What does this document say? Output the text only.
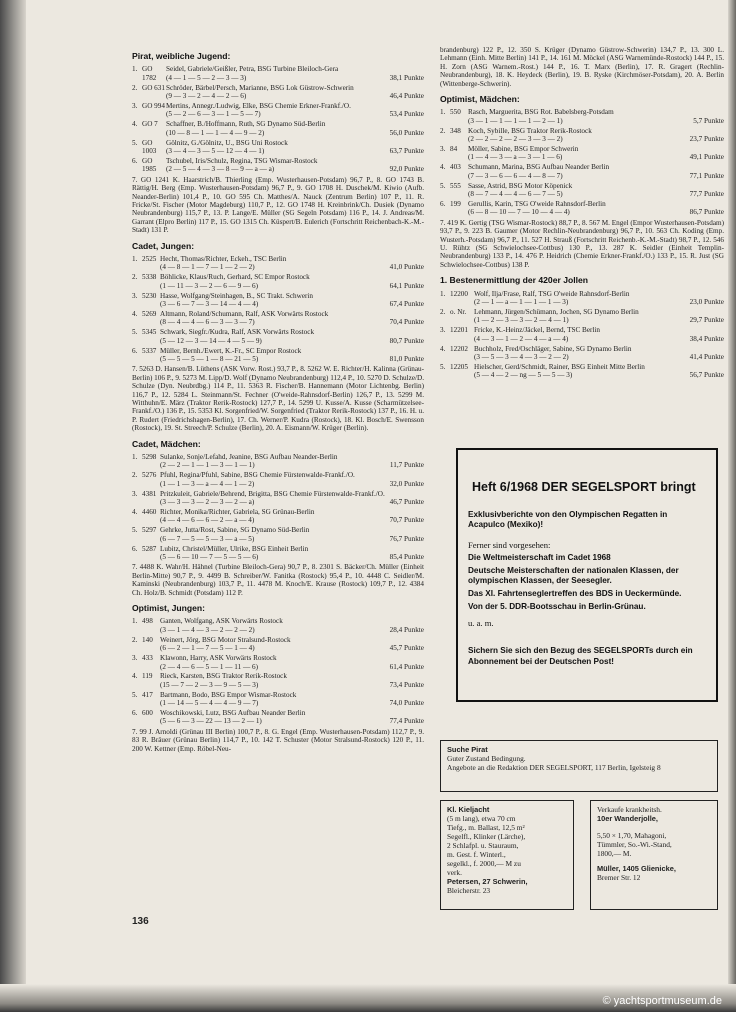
Pirat, weibliche Jugend:
1. GO 1782
Seidel, Gabriele/Geißler, Petra, BSG Turbine Bleiloch-Gera
(4 — 1 — 5 — 2 — 3 — 3)	38,1 Punkte
2. GO 631 Schröder, Bärbel/Persch, Marianne, BSG Lok Güstrow-Schwerin
(9 — 3 — 2 — 4 — 2 — 6)	46,4 Punkte
3. GO 994 Mertins, Annegr./Ludwig, Elke, BSG Chemie Erkner-Frankf./O.
(5 — 2 — 6 — 3 — 1 — 5 — 7)	53,4 Punkte
4. GO 7	Schaffner, B./Hoffmann, Ruth, SG Dynamo Süd-Berlin
(10 — 8 — 1 — 1 — 4 — 9 — 2)	56,0 Punkte
5. GO 1003
Gölnitz, G./Gölnitz, U., BSG Uni Rostock
(3 — 4 — 3 — 5 — 12 — 4 — 1)	63,7 Punkte
6. GO 1985
Tschubel, Iris/Schulz, Regina, TSG Wismar-Rostock
(2 — 5 — 4 — 3 — 8 — 9 — a — a)	92,0 Punkte
7. GO 1241 K. Haarstrich/B. Thierling (Emp. Wusterhausen-Potsdam) 96,7 P., 8. GO 1743 B. Rättig/H. Berg (Emp. Wusterhausen-Potsdam) 96,7 P., 9. GO 1708 H. Duschek/M. Kiwio (Aufb. Neander-Berlin) 101,4 P., 10. GO 595 Ch. Matthes/A. Nauck (Zentrum Berlin) 107 P., 11. R. Fricke/St. Fischer (Motor Magdeburg) 110,7 P., 12. GO 1748 H. Kreinbrink/Ch. Dusiek (Dynamo Neubrandenburg) 115,7 P., 13. P. Lange/E. Müller (SG Segeln Potsdam) 116 P., 14. J. Andreas/M. Garrant (Elpro Berlin) 117 P., 15. GO 1315 Ch. Küspert/B. Eulerich (Fortschritt Reichenbach-K.-M.-Stadt) 131 P.
Cadet, Jungen:
1. 2525 Hecht, Thomas/Richter, Eckeh., TSC Berlin
(4 — 8 — 1 — 7 — 1 — 2 — 2)	41,0 Punkte
2. 5338 Böhlicke, Klaus/Ruch, Gerhard, SC Empor Rostock
(1 — 11 — 3 — 2 — 6 — 9 — 6)	64,1 Punkte
3. 5230 Hasse, Wolfgang/Steinhagen, B., SC Trakt. Schwerin
(3 — 6 — 7 — 3 — 14 — 4 — 4)	67,4 Punkte
4. 5269 Altmann, Roland/Schumann, Ralf, ASK Vorwärts Rostock
(8 — 4 — 4 — 6 — 3 — 3 — 7)	70,4 Punkte
5. 5345 Schwark, Siegfr./Kudra, Ralf, ASK Vorwärts Rostock
(5 — 12 — 3 — 14 — 4 — 5 — 9)	80,7 Punkte
6. 5337 Müller, Bernh./Ewert, K.-Fr., SC Empor Rostock
(5 — 5 — 5 — 1 — 8 — 21 — 5)	81,0 Punkte
7. 5263 D. Hansen/B. Lüthens (ASK Vorw. Rost.) 93,7 P., 8. 5262 W. E. Richter/H. Kalinna (Grünau-Berlin) 106 P., 9. 5273 M. Lipp/D. Wolf (Dynamo Neubrandenburg) 112,4 P., 10. 5270 D. Schulze/D. Schulze (Dyn. Neubrdbg.) 114 P., 11. 5363 R. Fischer/B. Hannemann (Motor Lichtenbg. Berlin) 116,7 P., 12. 5284 L. Steinmann/St. Fechner (O'weide-Rahnsdorf-Berlin) 126,7 P., 13. 5299 M. Witthuhn/E. März (Traktor Rerik-Rostock) 127,7 P., 14. 5299 U. Kusse/A. Kusse (Scharmützelsee-Frankf./O.) 136 P., 15. 5353 Kl. Sorgenfried/W. Sorgenfried (Traktor Rerik-Rostock) 137 P., 16. H. u. P. Rudert (Friedrichshagen-Berlin), 17. Ch. Werner/P. Kudra (Rostock), 18. Kl. Bosch/E. Swensson (Rostock), 19. St. Streech/P. Schulze (Berlin), 20. A. Eismann/W. Krüger (Berlin).
Cadet, Mädchen:
1. 5298 Sulanke, Sonje/Lefahd, Jeanine, BSG Aufbau Neander-Berlin
(2 — 2 — 1 — 1 — 3 — 1 — 1)	11,7 Punkte
2. 5276 Pfuhl, Regina/Pfuhl, Sabine, BSG Chemie Fürstenwalde-Frankf./O.
(1 — 1 — 3 — a — 4 — 1 — 2)	32,0 Punkte
3. 4381 Pritzkuleit, Gabriele/Behrend, Brigitta, BSG Chemie Fürstenwalde-Frankf./O.
(3 — 3 — 3 — 2 — 3 — 2 — a)	46,7 Punkte
4. 4460 Richter, Monika/Richter, Gabriela, SG Grünau-Berlin
(4 — 4 — 6 — 6 — 2 — a — 4)	70,7 Punkte
5. 5297 Gehrke, Jutta/Rost, Sabine, SG Dynamo Süd-Berlin
(6 — 7 — 5 — 5 — 3 — a — 5)	76,7 Punkte
6. 5287 Lubitz, Christel/Müller, Ulrike, BSG Einheit Berlin
(5 — 6 — 10 — 7 — 5 — 5 — 6)	85,4 Punkte
7. 4488 K. Wahr/H. Hähnel (Turbine Bleiloch-Gera) 90,7 P., 8. 2301 S. Bäcker/Ch. Müller (Einheit Berlin-Mitte) 90,7 P., 9. 4499 B. Schreiber/W. Fanitka (Rostock) 95,4 P., 10. 4448 C. Seidler/M. Kaminski (Neubrandenburg) 103,7 P., 11. 4478 M. Knoch/E. Krause (Rostock) 109,7 P., 12. 4384 Ch. Holz/B. Schmidt (Potsdam) 112 P.
Optimist, Jungen:
1. 498	Ganten, Wolfgang, ASK Vorwärts Rostock
(3 — 1 — 4 — 3 — 2 — 2 — 2)	28,4 Punkte
2. 140	Weinert, Jörg, BSG Motor Stralsund-Rostock
(6 — 2 — 1 — 7 — 5 — 1 — 4)	45,7 Punkte
3. 433	Klawonn, Harry, ASK Vorwärts Rostock
(2 — 4 — 6 — 5 — 1 — 11 — 6)	61,4 Punkte
4. 119	Rieck, Karsten, BSG Traktor Rerik-Rostock
(15 — 7 — 2 — 3 — 9 — 5 — 3)	73,4 Punkte
5. 417	Bartmann, Bodo, BSG Empor Wismar-Rostock
(1 — 14 — 5 — 4 — 4 — 9 — 7)	74,0 Punkte
6. 600	Woschikowski, Lutz, BSG Aufbau Neander Berlin
(5 — 6 — 3 — 22 — 13 — 2 — 1)	77,4 Punkte
7. 99 J. Arnoldi (Grünau III Berlin) 100,7 P., 8. G. Engel (Emp. Wusterhausen-Potsdam) 112,7 P., 9. 83 R. Bräuer (Grünau Berlin) 114,7 P., 10. 142 T. Schuster (Motor Stralsund-Rostock) 120 P., 11. 200 W. Kettner (Emp. Röbel-Neu-
136
brandenburg) 122 P., 12. 350 S. Krüger (Dynamo Güstrow-Schwerin) 134,7 P., 13. 300 L. Lehmann (Einh. Mitte Berlin) 141 P., 14. 161 M. Möckel (ASG Warnemünde-Rostock) 144 P., 15. H. Zorn (ASG Warnem.-Rost.) 144 P., 16. T. Marx (Berlin), 17. R. Gragert (Rechlin-Neubrandenburg), 18. K. Heydeck (Berlin), 19. B. Ryske (Kirchmöser-Potsdam), 20. A. Berlin (Wittenberge-Schwerin).
Optimist, Mädchen:
1. 550	Rasch, Marguerita, BSG Rot. Babelsberg-Potsdam
(3 — 1 — 1 — 1 — 1 — 2 — 1)	5,7 Punkte
2. 348	Koch, Sybille, BSG Traktor Rerik-Rostock
(2 — 2 — 2 — 2 — 3 — 3 — 2)	23,7 Punkte
3. 84	Möller, Sabine, BSG Empor Schwerin
(1 — 4 — 3 — a — 3 — 1 — 6)	49,1 Punkte
4. 403	Schumann, Marina, BSG Aufbau Neander Berlin
(7 — 3 — 6 — 6 — 4 — 8 — 7)	77,1 Punkte
5. 555	Sasse, Astrid, BSG Motor Köpenick
(8 — 7 — 4 — 4 — 6 — 7 — 5)	77,7 Punkte
6. 199	Gerullis, Karin, TSG O'weide Rahnsdorf-Berlin
(6 — 8 — 10 — 7 — 10 — 4 — 4)	86,7 Punkte
7. 419 K. Gertig (TSG Wismar-Rostock) 88,7 P., 8. 567 M. Engel (Empor Wusterhausen-Potsdam) 93,7 P., 9. 223 B. Gaumer (Motor Rechlin-Neubrandenburg) 96,7 P., 10. 563 Ch. Koding (Emp. Wusterh.-Potsdam) 96,7 P., 11. 527 H. Strauß (Fortschritt Reichenb.-K.-M.-Stadt) 98,7 P., 12. 546 U. Rühtz (SG Schwielochsee-Cottbus) 130 P., 13. 287 K. Seidler (Einheit Templin-Neubrandenburg) 133 P., 14. 476 P. Heidrich (Chemie Erkner-Frankf./O.) 133 P., 15. R. Just (SG Schwielochsee-Cottbus) 138 P.
1. Bestenermittlung der 420er Jollen
1. 12200 Wolf, Ilja/Frase, Ralf, TSG O'weide Rahnsdorf-Berlin
(2 — 1 — a — 1 — 1 — 1 — 3)	23,0 Punkte
2. o. Nr.	Lehmann, Jürgen/Schümann, Jochen, SG Dynamo Berlin
(1 — 2 — 3 — 3 — 2 — 4 — 1)	29,7 Punkte
3. 12201 Fricke, K.-Heinz/Jäckel, Bernd, TSC Berlin
(4 — 3 — 1 — 2 — 4 — a — 4)	38,4 Punkte
4. 12202 Buchholz, Fred/Oschläger, Sabine, SG Dynamo Berlin
(3 — 5 — 3 — 4 — 3 — 2 — 2)	41,4 Punkte
5. 12205 Hielscher, Gerd/Schmidt, Rainer, BSG Einheit Mitte Berlin
(5 — 4 — 2 — ng — 5 — 5 — 3)	56,7 Punkte
Heft 6/1968 DER SEGELSPORT bringt
Exklusivberichte von den Olympischen Regatten in Acapulco (Mexiko)!
Ferner sind vorgesehen:
Die Weltmeisterschaft im Cadet 1968
Deutsche Meisterschaften der nationalen Klassen, der olympischen Klassen, der Seesegler.
Das XI. Fahrtenseglertreffen des BDS in Ueckermünde.
Von der 5. DDR-Bootsschau in Berlin-Grünau.
u. a. m.
Sichern Sie sich den Bezug des SEGELSPORTs durch ein Abonnement bei der Deutschen Post!
Suche Pirat
Guter Zustand Bedingung.
Angebote an die Redaktion DER SEGELSPORT, 117 Berlin, Igelsteig 8
Kl. Kieljacht
(5 m lang), etwa 70 cm
Tiefg., m. Ballast, 12,5 m²
Segelfl., Klinker (Lärche),
2 Schlafpl. u. Stauraum,
m. Gest. f. Winterl.,
segelkl., f. 2000,— M zu
verk.
Petersen, 27 Schwerin,
Bleicherstr. 23
Verkaufe krankheitsh.
10er Wanderjolle,
5,50 × 1,70, Mahagoni,
Tümmler, So.-Wi.-Stand,
1800,— M.
Müller, 1405 Glienicke,
Bremer Str. 12
© yachtsportmuseum.de
